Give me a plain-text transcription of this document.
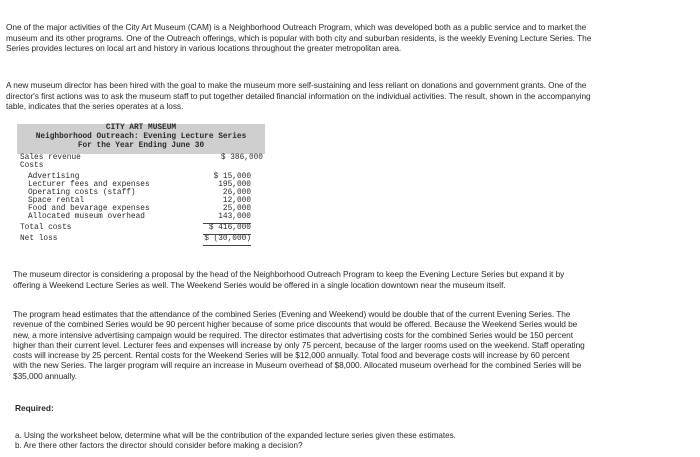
One of the major activities of the City Art Museum (CAM) is a Neighborhood Outreach Program, which was developed both as a public service and to market the museum and its other programs. One of the Outreach offerings, which is popular with both city and suburban residents, is the weekly Evening Lecture Series. The Series provides lectures on local art and history in various locations throughout the greater metropolitan area.
A new museum director has been hired with the goal to make the museum more self-sustaining and less reliant on donations and government grants. One of the director's first actions was to ask the museum staff to put together detailed financial information on the individual activities. The result, shown in the accompanying table, indicates that the series operates at a loss.
CITY ART MUSEUM
Neighborhood Outreach: Evening Lecture Series
For the Year Ending June 30
Sales revenue	$ 386,000
Costs
Advertising	$ 15,000
Lecturer fees and expenses	195,000
Operating costs (staff)	26,000
Space rental	12,000
Food and bevarage expenses	25,000
Allocated museum overhead	143,000
Total costs	$ 416,000
Net loss	$ (30,000)
The museum director is considering a proposal by the head of the Neighborhood Outreach Program to keep the Evening Lecture Series but expand it by offering a Weekend Lecture Series as well. The Weekend Series would be offered in a single location downtown near the museum itself.
The program head estimates that the attendance of the combined Series (Evening and Weekend) would be double that of the current Evening Series. The revenue of the combined Series would be 90 percent higher because of some price discounts that would be offered. Because the Weekend Series would be new, a more intensive advertising campaign would be required. The director estimates that advertising costs for the combined Series would be 150 percent higher than their current level. Lecturer fees and expenses will increase by only 75 percent, because of the larger rooms used on the weekend. Staff operating costs will increase by 25 percent. Rental costs for the Weekend Series will be $12,000 annually. Total food and beverage costs will increase by 60 percent with the new Series. The larger program will require an increase in Museum overhead of $8,000. Allocated museum overhead for the combined Series will be $35,000 annually.
Required:
a. Using the worksheet below, determine what will be the contribution of the expanded lecture series given these estimates.
b. Are there other factors the director should consider before making a decision?
